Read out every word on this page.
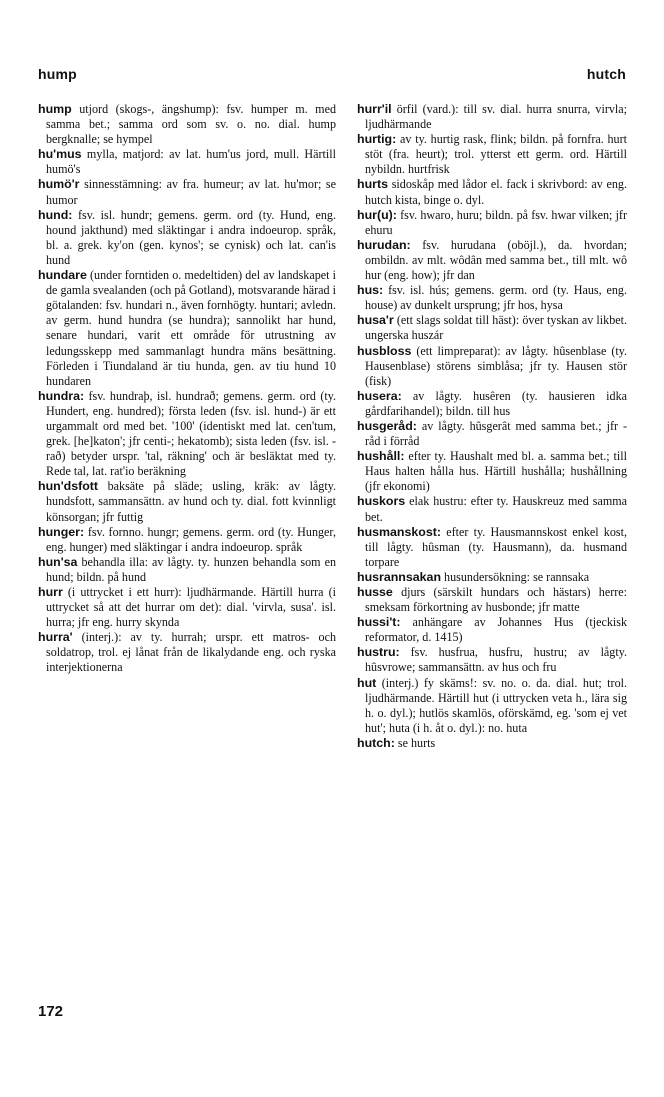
hump	hutch

hump utjord (skogs-, ängshump): fsv. humper m. med samma bet.; samma ord som sv. o. no. dial. hump bergknalle; se hympel

hu'mus mylla, matjord: av lat. hum'us jord, mull. Härtill humö's

humö'r sinnesstämning: av fra. humeur; av lat. hu'mor; se humor

hund: fsv. isl. hundr; gemens. germ. ord (ty. Hund, eng. hound jakthund) med släktingar i andra indoeurop. språk, bl. a. grek. ky'on (gen. kynos'; se cynisk) och lat. can'is hund

hundare (under forntiden o. medeltiden) del av landskapet i de gamla svealanden (och på Gotland), motsvarande härad i götalanden: fsv. hundari n., även fornhögty. huntari; avledn. av germ. hund hundra (se hundra); sannolikt har hund, senare hundari, varit ett område för utrustning av ledungsskepp med sammanlagt hundra mäns besättning. Förleden i Tiundaland är tiu hunda, gen. av tiu hund 10 hundaren

hundra: fsv. hundraþ, isl. hundrað; gemens. germ. ord (ty. Hundert, eng. hundred); första leden (fsv. isl. hund-) är ett urgammalt ord med bet. '100' (identiskt med lat. cen'tum, grek. [he]katon'; jfr centi-; hekatomb); sista leden (fsv. isl. -rað) betyder urspr. 'tal, räkning' och är besläktat med ty. Rede tal, lat. rat'io beräkning

hun'dsfott baksäte på släde; usling, kräk: av lågty. hundsfott, sammansättn. av hund och ty. dial. fott kvinnligt könsorgan; jfr futtig

hunger: fsv. fornno. hungr; gemens. germ. ord (ty. Hunger, eng. hunger) med släktingar i andra indoeurop. språk

hun'sa behandla illa: av lågty. ty. hunzen behandla som en hund; bildn. på hund

hurr (i uttrycket i ett hurr): ljudhärmande. Härtill hurra (i uttrycket så att det hurrar om det): dial. 'virvla, susa'. isl. hurra; jfr eng. hurry skynda

hurra' (interj.): av ty. hurrah; urspr. ett matros- och soldatrop, trol. ej lånat från de likalydande eng. och ryska interjektionerna

hurr'il örfil (vard.): till sv. dial. hurra snurra, virvla; ljudhärmande

hurtig: av ty. hurtig rask, flink; bildn. på fornfra. hurt stöt (fra. heurt); trol. ytterst ett germ. ord. Härtill nybildn. hurtfrisk

hurts sidoskåp med lådor el. fack i skrivbord: av eng. hutch kista, binge o. dyl.

hur(u): fsv. hwaro, huru; bildn. på fsv. hwar vilken; jfr ehuru

hurudan: fsv. hurudana (oböjl.), da. hvordan; ombildn. av mlt. wôdân med samma bet., till mlt. wô hur (eng. how); jfr dan

hus: fsv. isl. hús; gemens. germ. ord (ty. Haus, eng. house) av dunkelt ursprung; jfr hos, hysa

husa'r (ett slags soldat till häst): över tyskan av likbet. ungerska huszár

husbloss (ett limpreparat): av lågty. hûsenblase (ty. Hausenblase) störens simblåsa; jfr ty. Hausen stör (fisk)

husera: av lågty. husêren (ty. hausieren idka gårdfarihandel); bildn. till hus

husgeråd: av lågty. hûsgerât med samma bet.; jfr -råd i förråd

hushåll: efter ty. Haushalt med bl. a. samma bet.; till Haus halten hålla hus. Härtill hushålla; hushållning (jfr ekonomi)

huskors elak hustru: efter ty. Hauskreuz med samma bet.

husmanskost: efter ty. Hausmannskost enkel kost, till lågty. hûsman (ty. Hausmann), da. husmand torpare

husrannsakan husundersökning: se rannsaka

husse djurs (särskilt hundars och hästars) herre: smeksam förkortning av husbonde; jfr matte

hussi't: anhängare av Johannes Hus (tjeckisk reformator, d. 1415)

hustru: fsv. husfrua, husfru, hustru; av lågty. hûsvrowe; sammansättn. av hus och fru

hut (interj.) fy skäms!: sv. no. o. da. dial. hut; trol. ljudhärmande. Härtill hut (i uttrycken veta h., lära sig h. o. dyl.); hutlös skamlös, oförskämd, eg. 'som ej vet hut'; huta (i h. åt o. dyl.): no. huta

hutch: se hurts

172
